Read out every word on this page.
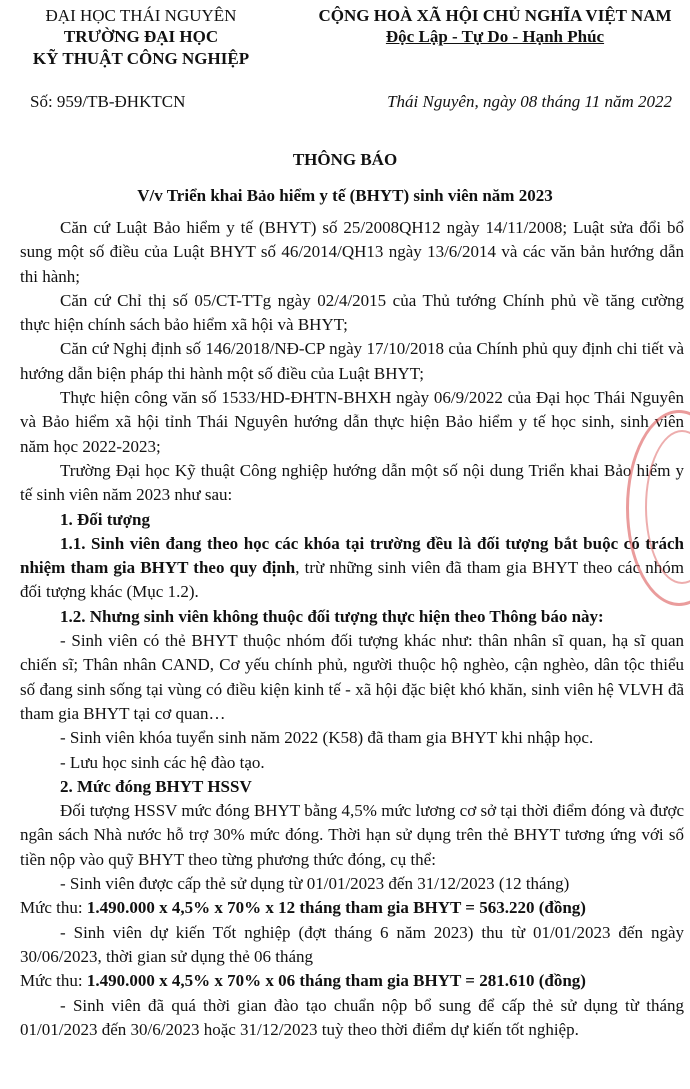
ĐẠI HỌC THÁI NGUYÊN
TRƯỜNG ĐẠI HỌC
KỸ THUẬT CÔNG NGHIỆP
CỘNG HOÀ XÃ HỘI CHỦ NGHĨA VIỆT NAM
Độc Lập - Tự Do - Hạnh Phúc
Số: 959/TB-ĐHKTCN	Thái Nguyên, ngày 08 tháng 11 năm 2022
THÔNG BÁO
V/v Triển khai Bảo hiểm y tế (BHYT) sinh viên năm 2023

Căn cứ Luật Bảo hiểm y tế (BHYT) số 25/2008QH12 ngày 14/11/2008; Luật sửa đổi bổ sung một số điều của Luật BHYT số 46/2014/QH13 ngày 13/6/2014 và các văn bản hướng dẫn thi hành;

Căn cứ Chỉ thị số 05/CT-TTg ngày 02/4/2015 của Thủ tướng Chính phủ về tăng cường thực hiện chính sách bảo hiểm xã hội và BHYT;

Căn cứ Nghị định số 146/2018/NĐ-CP ngày 17/10/2018 của Chính phủ quy định chi tiết và hướng dẫn biện pháp thi hành một số điều của Luật BHYT;

Thực hiện công văn số 1533/HD-ĐHTN-BHXH ngày 06/9/2022 của Đại học Thái Nguyên và Bảo hiểm xã hội tỉnh Thái Nguyên hướng dẫn thực hiện Bảo hiểm y tế học sinh, sinh viên năm học 2022-2023;

Trường Đại học Kỹ thuật Công nghiệp hướng dẫn một số nội dung Triển khai Bảo hiểm y tế sinh viên năm 2023 như sau:

1. Đối tượng

1.1. Sinh viên đang theo học các khóa tại trường đều là đối tượng bắt buộc có trách nhiệm tham gia BHYT theo quy định, trừ những sinh viên đã tham gia BHYT theo các nhóm đối tượng khác (Mục 1.2).

1.2. Nhưng sinh viên không thuộc đối tượng thực hiện theo Thông báo này:

- Sinh viên có thẻ BHYT thuộc nhóm đối tượng khác như: thân nhân sĩ quan, hạ sĩ quan chiến sĩ; Thân nhân CAND, Cơ yếu chính phủ, người thuộc hộ nghèo, cận nghèo, dân tộc thiểu số đang sinh sống tại vùng có điều kiện kinh tế - xã hội đặc biệt khó khăn, sinh viên hệ VLVH đã tham gia BHYT tại cơ quan…

- Sinh viên khóa tuyển sinh năm 2022 (K58) đã tham gia BHYT khi nhập học.

- Lưu học sinh các hệ đào tạo.

2. Mức đóng BHYT HSSV

Đối tượng HSSV mức đóng BHYT bằng 4,5% mức lương cơ sở tại thời điểm đóng và được ngân sách Nhà nước hỗ trợ 30% mức đóng. Thời hạn sử dụng trên thẻ BHYT tương ứng với số tiền nộp vào quỹ BHYT theo từng phương thức đóng, cụ thể:

- Sinh viên được cấp thẻ sử dụng từ 01/01/2023 đến 31/12/2023 (12 tháng)

Mức thu: 1.490.000 x 4,5% x 70% x 12 tháng tham gia BHYT = 563.220 (đồng)

- Sinh viên dự kiến Tốt nghiệp (đợt tháng 6 năm 2023) thu từ 01/01/2023 đến ngày 30/06/2023, thời gian sử dụng thẻ 06 tháng

Mức thu: 1.490.000 x 4,5% x 70% x 06 tháng tham gia BHYT = 281.610 (đồng)

- Sinh viên đã quá thời gian đào tạo chuẩn nộp bổ sung để cấp thẻ sử dụng từ tháng 01/01/2023 đến 30/6/2023 hoặc 31/12/2023 tuỳ theo thời điểm dự kiến tốt nghiệp.
